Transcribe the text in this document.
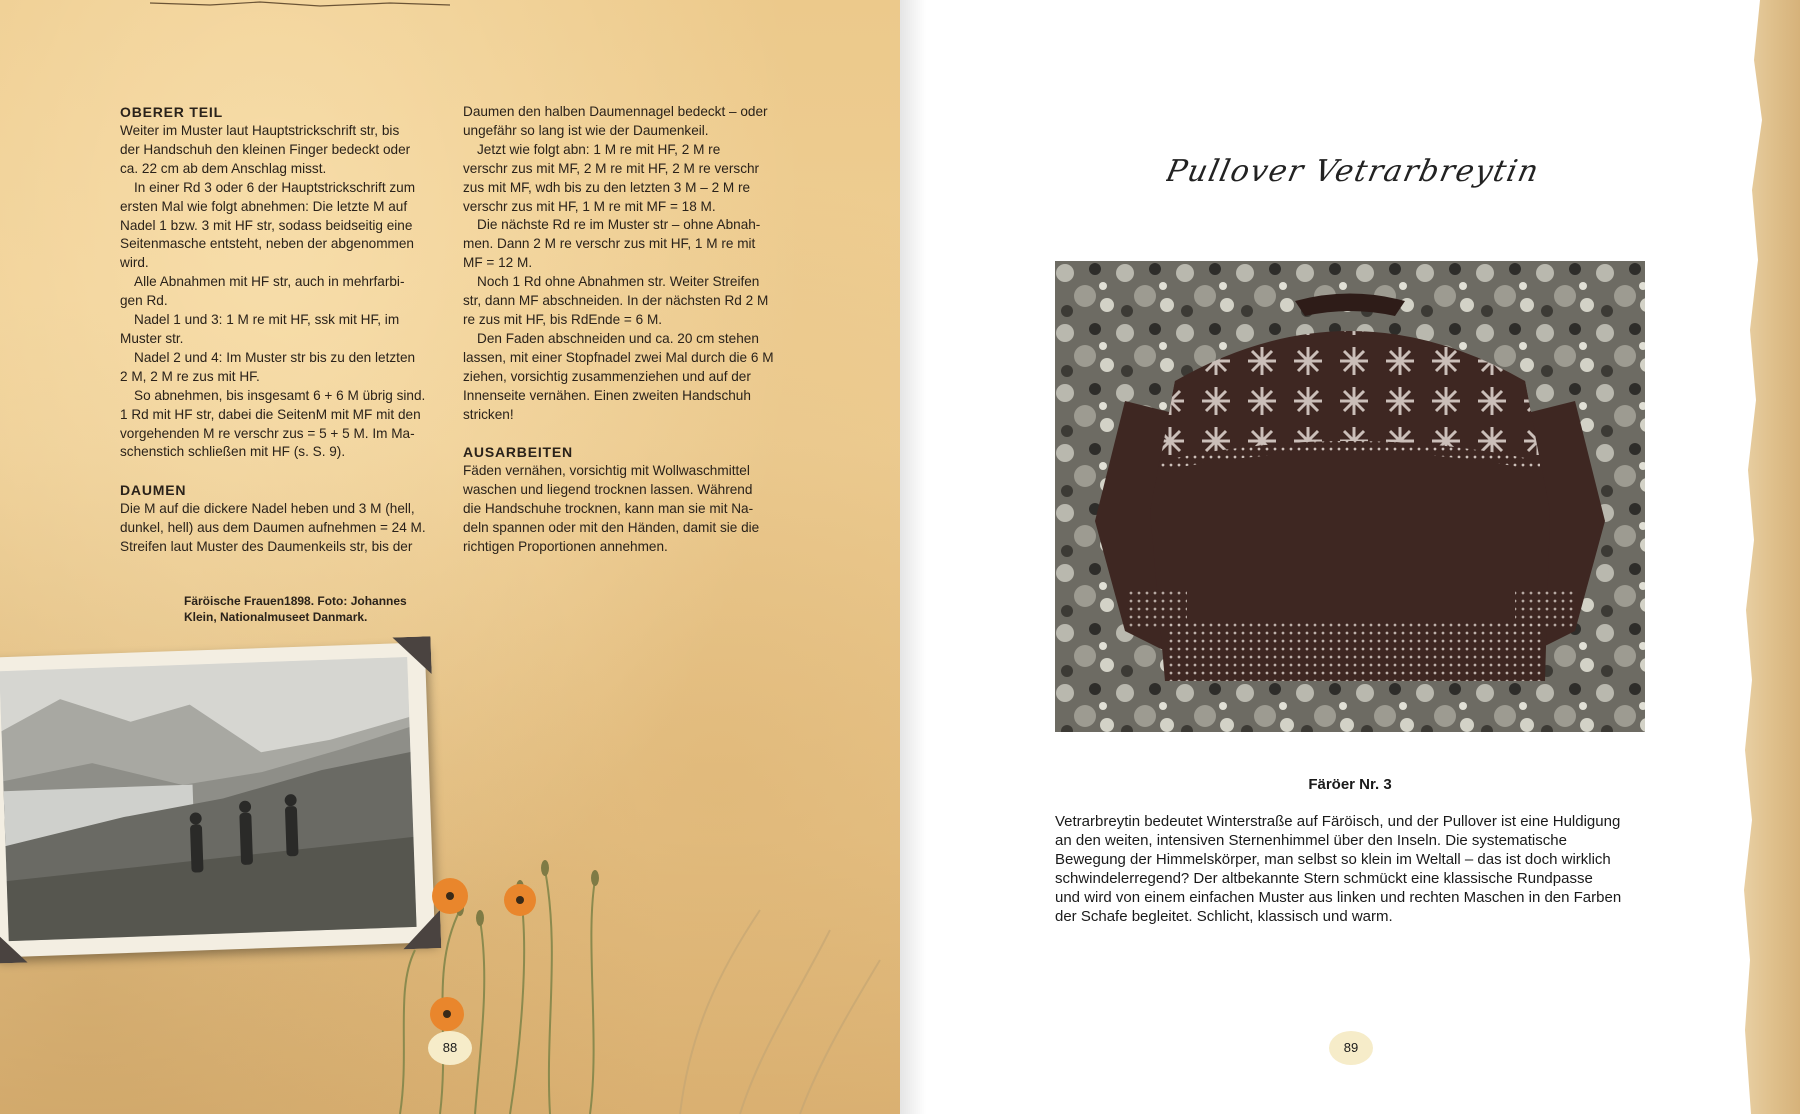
OBERER TEIL

Weiter im Muster laut Hauptstrickschrift str, bis

der Handschuh den kleinen Finger bedeckt oder

ca. 22 cm ab dem Anschlag misst.

In einer Rd 3 oder 6 der Hauptstrickschrift zum

ersten Mal wie folgt abnehmen: Die letzte M auf

Nadel 1 bzw. 3 mit HF str, sodass beidseitig eine

Seitenmasche entsteht, neben der abgenommen

wird.

Alle Abnahmen mit HF str, auch in mehrfarbi-

gen Rd.

Nadel 1 und 3: 1 M re mit HF, ssk mit HF, im

Muster str.

Nadel 2 und 4: Im Muster str bis zu den letzten

2 M, 2 M re zus mit HF.

So abnehmen, bis insgesamt 6 + 6 M übrig sind.

1 Rd mit HF str, dabei die SeitenM mit MF mit den

vorgehenden M re verschr zus = 5 + 5 M. Im Ma-

schenstich schließen mit HF (s. S. 9).

DAUMEN

Die M auf die dickere Nadel heben und 3 M (hell,

dunkel, hell) aus dem Daumen aufnehmen = 24 M.

Streifen laut Muster des Daumenkeils str, bis der

Daumen den halben Daumennagel bedeckt – oder

ungefähr so lang ist wie der Daumenkeil.

Jetzt wie folgt abn: 1 M re mit HF, 2 M re

verschr zus mit MF, 2 M re mit HF, 2 M re verschr

zus mit MF, wdh bis zu den letzten 3 M – 2 M re

verschr zus mit HF, 1 M re mit MF = 18 M.

Die nächste Rd re im Muster str – ohne Abnah-

men. Dann 2 M re verschr zus mit HF, 1 M re mit

MF = 12 M.

Noch 1 Rd ohne Abnahmen str. Weiter Streifen

str, dann MF abschneiden. In der nächsten Rd 2 M

re zus mit HF, bis RdEnde = 6 M.

Den Faden abschneiden und ca. 20 cm stehen

lassen, mit einer Stopfnadel zwei Mal durch die 6 M

ziehen, vorsichtig zusammenziehen und auf der

Innenseite vernähen. Einen zweiten Handschuh

stricken!

AUSARBEITEN

Fäden vernähen, vorsichtig mit Wollwaschmittel

waschen und liegend trocknen lassen. Während

die Handschuhe trocknen, kann man sie mit Na-

deln spannen oder mit den Händen, damit sie die

richtigen Proportionen annehmen.

Färöische Frauen1898. Foto: Johannes
Klein, Nationalmuseet Danmark.
88
Pullover Vetrarbreytin
Färöer Nr. 3
Vetrarbreytin bedeutet Winterstraße auf Färöisch, und der Pullover ist eine Huldigung
an den weiten, intensiven Sternenhimmel über den Inseln. Die systematische
Bewegung der Himmelskörper, man selbst so klein im Weltall – das ist doch wirklich
schwindelerregend? Der altbekannte Stern schmückt eine klassische Rundpasse
und wird von einem einfachen Muster aus linken und rechten Maschen in den Farben
der Schafe begleitet. Schlicht, klassisch und warm.
89
